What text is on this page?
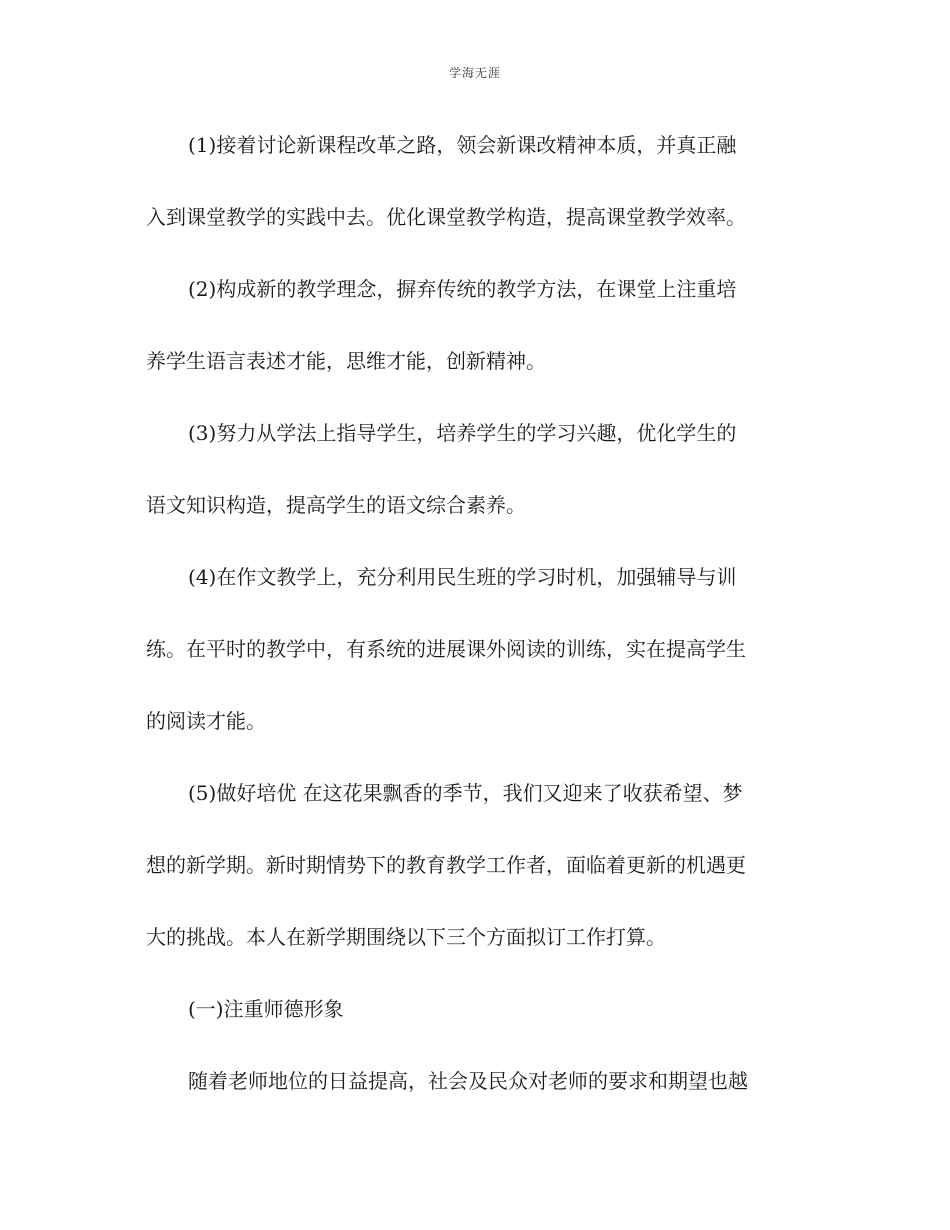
学海无涯
(1)接着讨论新课程改革之路，领会新课改精神本质，并真正融
入到课堂教学的实践中去。优化课堂教学构造，提高课堂教学效率。
(2)构成新的教学理念，摒弃传统的教学方法，在课堂上注重培
养学生语言表述才能，思维才能，创新精神。
(3)努力从学法上指导学生，培养学生的学习兴趣，优化学生的
语文知识构造，提高学生的语文综合素养。
(4)在作文教学上，充分利用民生班的学习时机，加强辅导与训
练。在平时的教学中，有系统的进展课外阅读的训练，实在提高学生
的阅读才能。
(5)做好培优 在这花果飘香的季节，我们又迎来了收获希望、梦
想的新学期。新时期情势下的教育教学工作者，面临着更新的机遇更
大的挑战。本人在新学期围绕以下三个方面拟订工作打算。
(一)注重师德形象
随着老师地位的日益提高，社会及民众对老师的要求和期望也越
